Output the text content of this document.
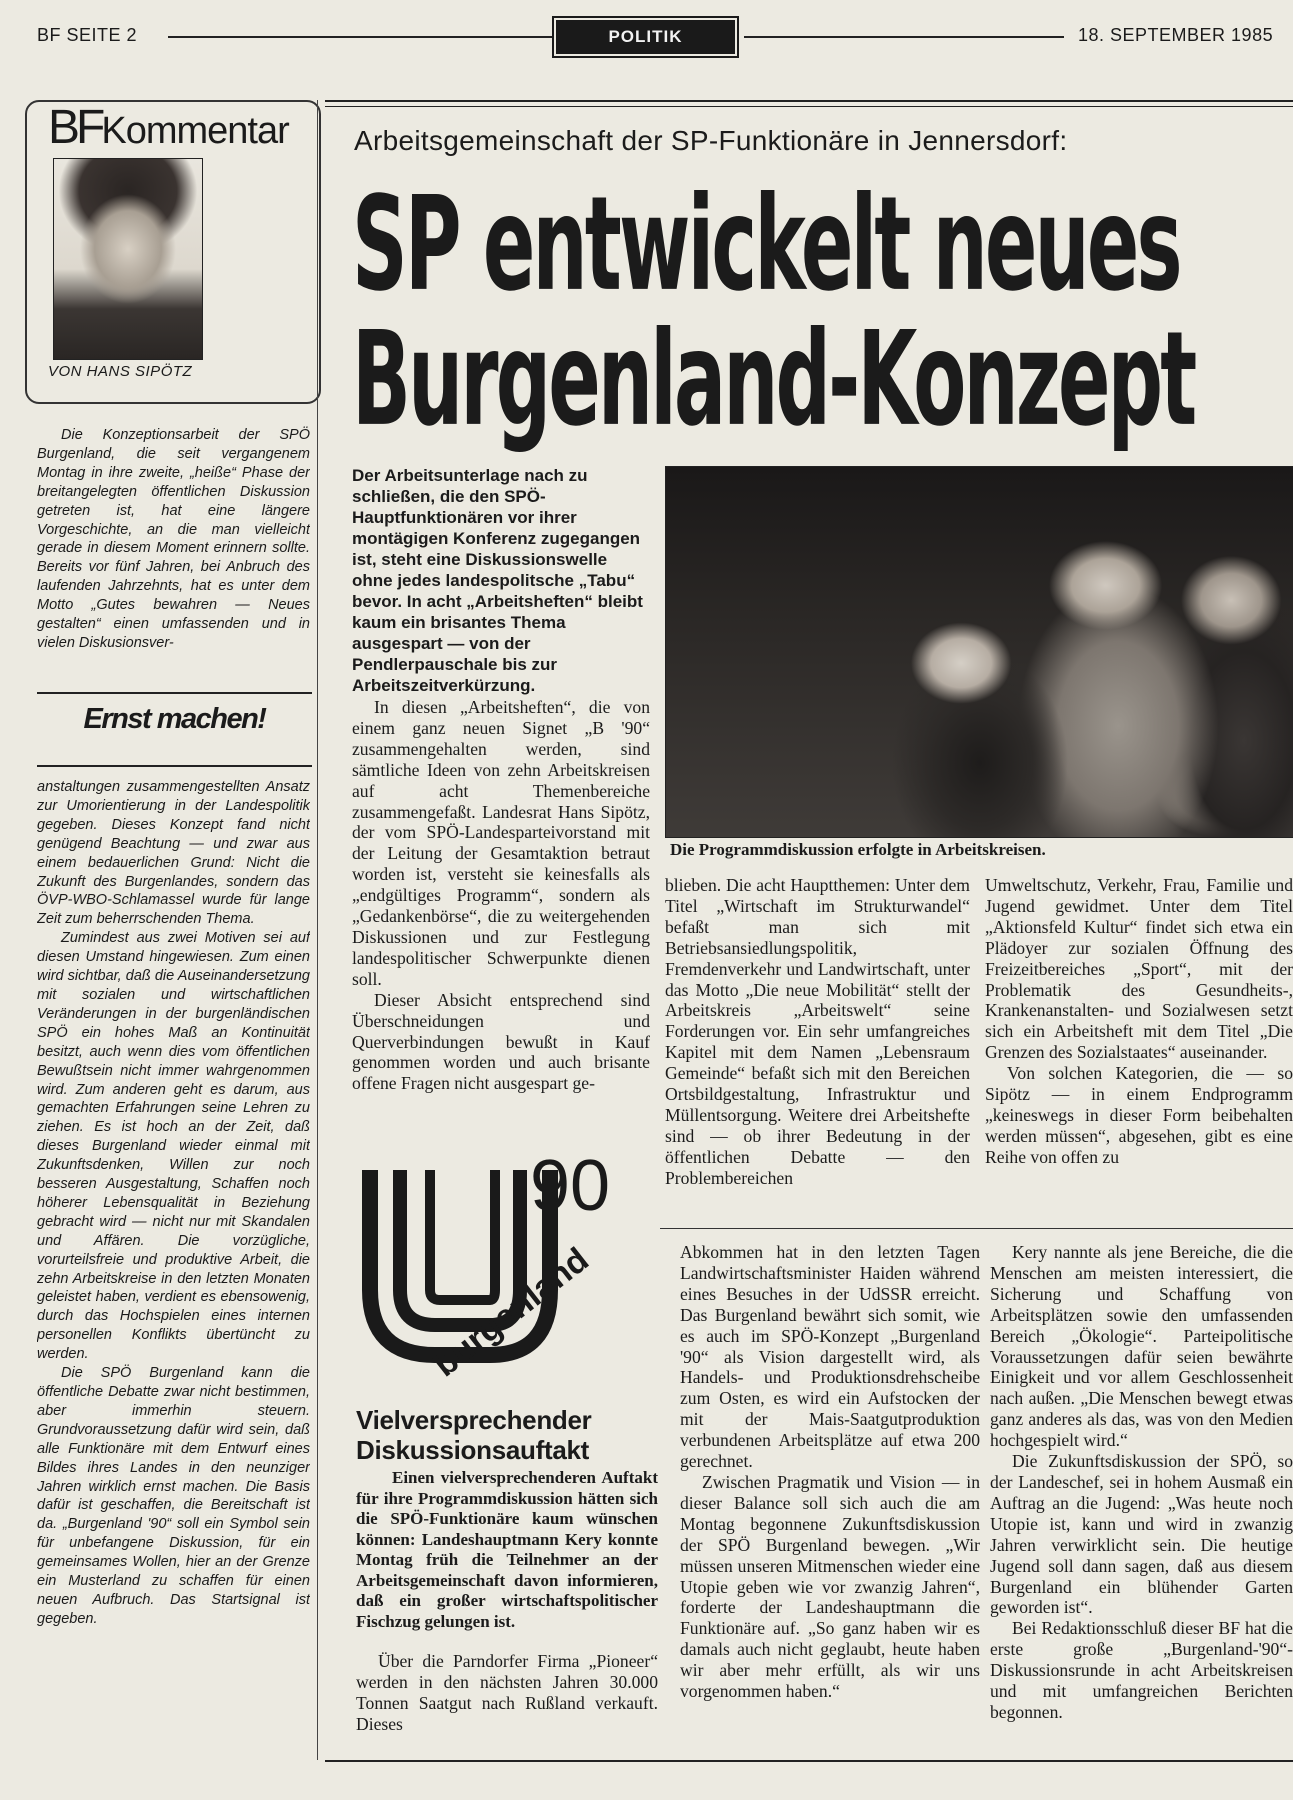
BF SEITE 2	POLITIK	18. SEPTEMBER 1985
BFKommentar
VON HANS SIPÖTZ

Die Konzeptionsarbeit der SPÖ Burgenland, die seit vergangenem Montag in ihre zweite, „heiße“ Phase der breitangelegten öffentlichen Diskussion getreten ist, hat eine längere Vorgeschichte, an die man vielleicht gerade in diesem Moment erinnern sollte. Bereits vor fünf Jahren, bei Anbruch des laufenden Jahrzehnts, hat es unter dem Motto „Gutes bewahren — Neues gestalten“ einen umfassenden und in vielen Diskusionsver-

Ernst machen!

anstaltungen zusammengestellten Ansatz zur Umorientierung in der Landespolitik gegeben. Dieses Konzept fand nicht genügend Beachtung — und zwar aus einem bedauerlichen Grund: Nicht die Zukunft des Burgenlandes, sondern das ÖVP-WBO-Schlamassel wurde für lange Zeit zum beherrschenden Thema.

Zumindest aus zwei Motiven sei auf diesen Umstand hingewiesen. Zum einen wird sichtbar, daß die Auseinandersetzung mit sozialen und wirtschaftlichen Veränderungen in der burgenländischen SPÖ ein hohes Maß an Kontinuität besitzt, auch wenn dies vom öffentlichen Bewußtsein nicht immer wahrgenommen wird. Zum anderen geht es darum, aus gemachten Erfahrungen seine Lehren zu ziehen. Es ist hoch an der Zeit, daß dieses Burgenland wieder einmal mit Zukunftsdenken, Willen zur noch besseren Ausgestaltung, Schaffen noch höherer Lebensqualität in Beziehung gebracht wird — nicht nur mit Skandalen und Affären. Die vorzügliche, vorurteilsfreie und produktive Arbeit, die zehn Arbeitskreise in den letzten Monaten geleistet haben, verdient es ebensowenig, durch das Hochspielen eines internen personellen Konflikts übertüncht zu werden.

Die SPÖ Burgenland kann die öffentliche Debatte zwar nicht bestimmen, aber immerhin steuern. Grundvoraussetzung dafür wird sein, daß alle Funktionäre mit dem Entwurf eines Bildes ihres Landes in den neunziger Jahren wirklich ernst machen. Die Basis dafür ist geschaffen, die Bereitschaft ist da. „Burgenland '90“ soll ein Symbol sein für unbefangene Diskussion, für ein gemeinsames Wollen, hier an der Grenze ein Musterland zu schaffen für einen neuen Aufbruch. Das Startsignal ist gegeben.

Arbeitsgemeinschaft der SP-Funktionäre in Jennersdorf:
SP entwickelt neues
Burgenland-Konzept
Der Arbeitsunterlage nach zu schließen, die den SPÖ-Hauptfunktionären vor ihrer montägigen Konferenz zugegangen ist, steht eine Diskussionswelle ohne jedes landespolitsche „Tabu“ bevor. In acht „Arbeitsheften“ bleibt kaum ein brisantes Thema ausgespart — von der Pendlerpauschale bis zur Arbeitszeitverkürzung.

In diesen „Arbeitsheften“, die von einem ganz neuen Signet „B '90“ zusammengehalten werden, sind sämtliche Ideen von zehn Arbeitskreisen auf acht Themenbereiche zusammengefaßt. Landesrat Hans Sipötz, der vom SPÖ-Landesparteivorstand mit der Leitung der Gesamtaktion betraut worden ist, versteht sie keinesfalls als „endgültiges Programm“, sondern als „Gedankenbörse“, die zu weitergehenden Diskussionen und zur Festlegung landespolitischer Schwerpunkte dienen soll.

Dieser Absicht entsprechend sind Überschneidungen und Querverbindungen bewußt in Kauf genommen worden und auch brisante offene Fragen nicht ausgespart ge-

Die Programmdiskussion erfolgte in Arbeitskreisen.

blieben. Die acht Hauptthemen: Unter dem Titel „Wirtschaft im Strukturwandel“ befaßt man sich mit Betriebsansiedlungspolitik, Fremdenverkehr und Landwirtschaft, unter das Motto „Die neue Mobilität“ stellt der Arbeitskreis „Arbeitswelt“ seine Forderungen vor. Ein sehr umfangreiches Kapitel mit dem Namen „Lebensraum Gemeinde“ befaßt sich mit den Bereichen Ortsbildgestaltung, Infrastruktur und Müllentsorgung. Weitere drei Arbeitshefte sind — ob ihrer Bedeutung in der öffentlichen Debatte — den Problembereichen

Umweltschutz, Verkehr, Frau, Familie und Jugend gewidmet. Unter dem Titel „Aktionsfeld Kultur“ findet sich etwa ein Plädoyer zur sozialen Öffnung des Freizeitbereiches „Sport“, mit der Problematik des Gesundheits-, Krankenanstalten- und Sozialwesen setzt sich ein Arbeitsheft mit dem Titel „Die Grenzen des Sozialstaates“ auseinander.

Von solchen Kategorien, die — so Sipötz — in einem Endprogramm „keineswegs in dieser Form beibehalten werden müssen“, abgesehen, gibt es eine Reihe von offen zu

90
burgenland
Vielversprechender
Diskussionsauftakt

Einen vielversprechenderen Auftakt für ihre Programmdiskussion hätten sich die SPÖ-Funktionäre kaum wünschen können: Landeshauptmann Kery konnte Montag früh die Teilnehmer an der Arbeitsgemeinschaft davon informieren, daß ein großer wirtschaftspolitischer Fischzug gelungen ist.

Über die Parndorfer Firma „Pioneer“ werden in den nächsten Jahren 30.000 Tonnen Saatgut nach Rußland verkauft. Dieses

Abkommen hat in den letzten Tagen Landwirtschaftsminister Haiden während eines Besuches in der UdSSR erreicht. Das Burgenland bewährt sich somit, wie es auch im SPÖ-Konzept „Burgenland '90“ als Vision dargestellt wird, als Handels- und Produktionsdrehscheibe zum Osten, es wird ein Aufstocken der mit der Mais-Saatgutproduktion verbundenen Arbeitsplätze auf etwa 200 gerechnet.

Zwischen Pragmatik und Vision — in dieser Balance soll sich auch die am Montag begonnene Zukunftsdiskussion der SPÖ Burgenland bewegen. „Wir müssen unseren Mitmenschen wieder eine Utopie geben wie vor zwanzig Jahren“, forderte der Landeshauptmann die Funktionäre auf. „So ganz haben wir es damals auch nicht geglaubt, heute haben wir aber mehr erfüllt, als wir uns vorgenommen haben.“

Kery nannte als jene Bereiche, die die Menschen am meisten interessiert, die Sicherung und Schaffung von Arbeitsplätzen sowie den umfassenden Bereich „Ökologie“. Parteipolitische Voraussetzungen dafür seien bewährte Einigkeit und vor allem Geschlossenheit nach außen. „Die Menschen bewegt etwas ganz anderes als das, was von den Medien hochgespielt wird.“

Die Zukunftsdiskussion der SPÖ, so der Landeschef, sei in hohem Ausmaß ein Auftrag an die Jugend: „Was heute noch Utopie ist, kann und wird in zwanzig Jahren verwirklicht sein. Die heutige Jugend soll dann sagen, daß aus diesem Burgenland ein blühender Garten geworden ist“.

Bei Redaktionsschluß dieser BF hat die erste große „Burgenland-'90“-Diskussionsrunde in acht Arbeitskreisen und mit umfangreichen Berichten begonnen.
